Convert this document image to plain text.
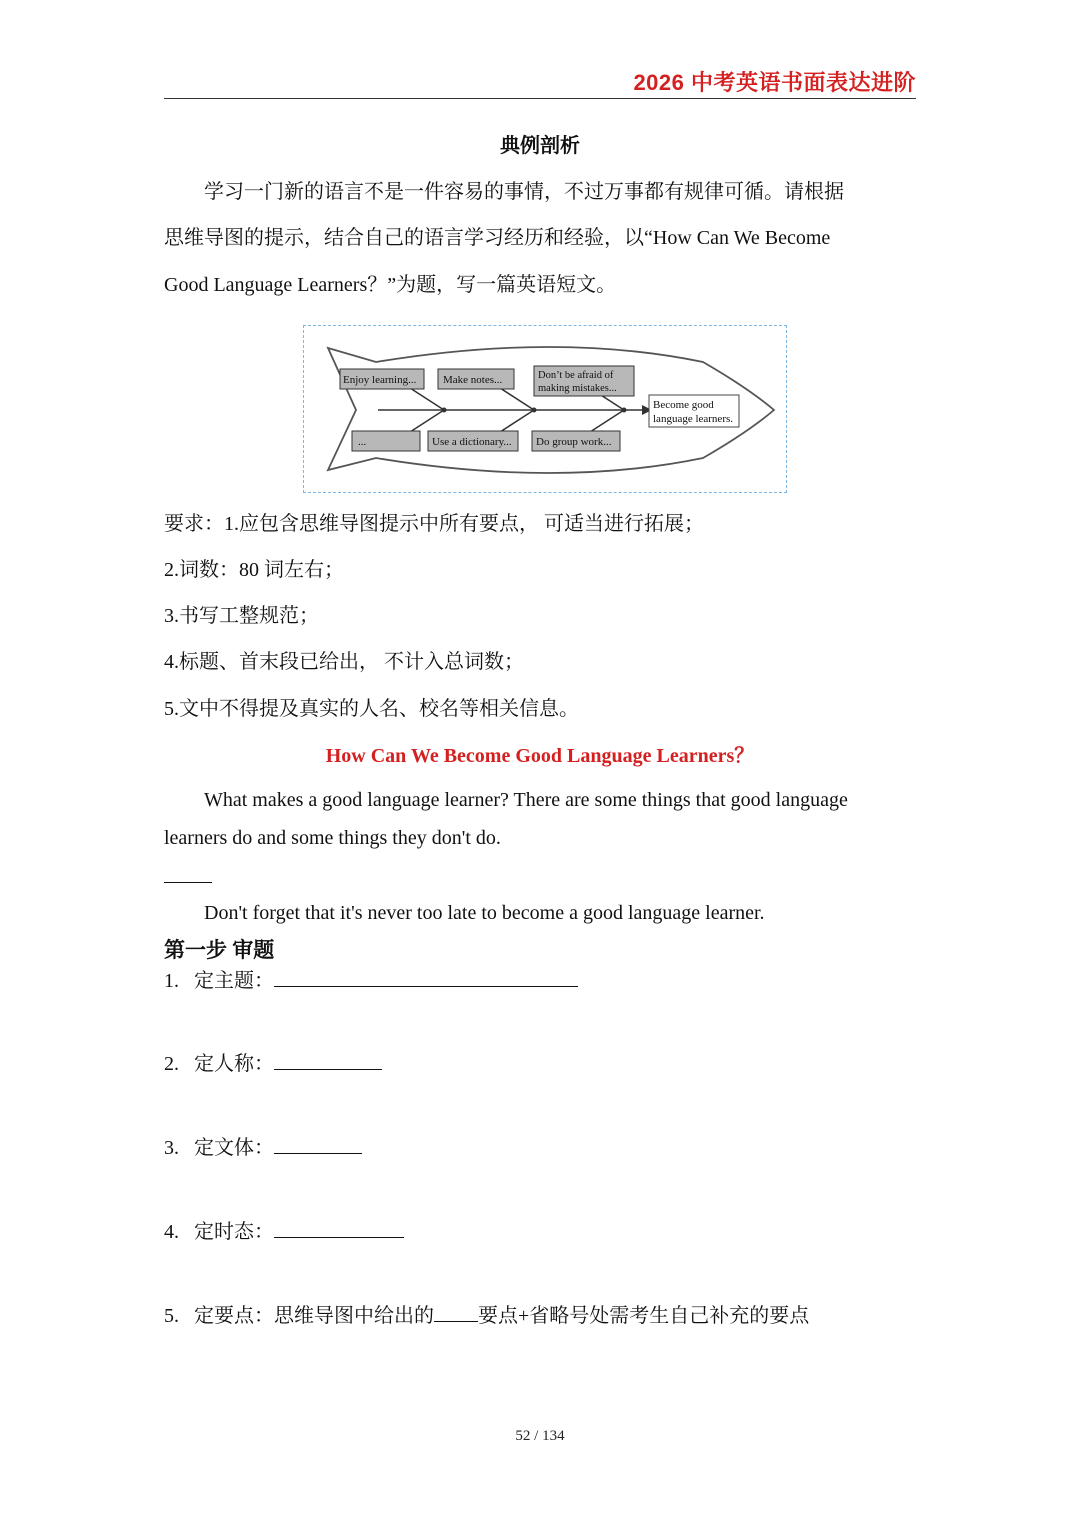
2026 中考英语书面表达进阶
典例剖析
学习一门新的语言不是一件容易的事情，不过万事都有规律可循。请根据
思维导图的提示，结合自己的语言学习经历和经验，以“How Can We Become
Good Language Learners？”为题，写一篇英语短文。
Enjoy learning... Make notes...	Don’t be afraid of
making mistakes...
...	Use a dictionary... Do group work...
Become good
language learners.
要求：1.应包含思维导图提示中所有要点， 可适当进行拓展；
2.词数：80 词左右；
3.书写工整规范；
4.标题、首末段已给出， 不计入总词数；
5.文中不得提及真实的人名、校名等相关信息。
How Can We Become Good Language Learners？
What makes a good language learner? There are some things that good language
learners do and some things they don't do.
Don't forget that it's never too late to become a good language learner.
第一步 审题
1. 定主题：
2. 定人称：
3. 定文体：
4. 定时态：
5. 定要点：思维导图中给出的 要点+省略号处需考生自己补充的要点
52 / 134
